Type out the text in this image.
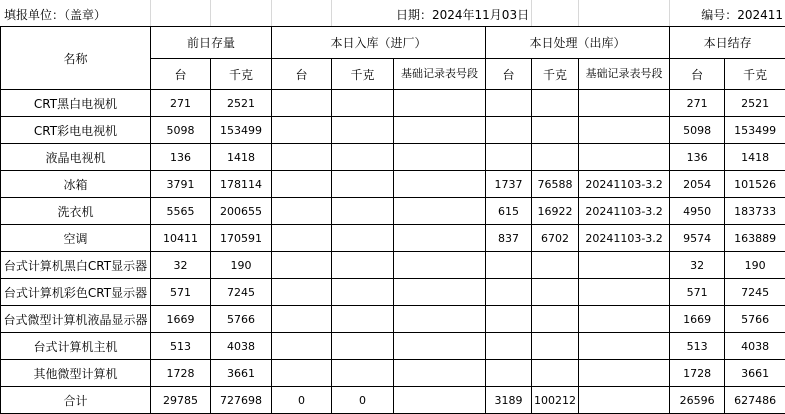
填报单位：（盖章）	日期：2024年11月03日	编号：202411
名称	前日存量		本日入库（进厂）			本日处理（出库）			本日结存	
	台	千克	台	千克	基础记录表号段	台	千克	基础记录表号段	台	千克
CRT黑白电视机	271	2521							271	2521
CRT彩电电视机	5098	153499							5098	153499
液晶电视机	136	1418							136	1418
冰箱	3791	178114				1737	76588	20241103-3.2	2054	101526
洗衣机	5565	200655				615	16922	20241103-3.2	4950	183733
空调	10411	170591				837	6702	20241103-3.2	9574	163889
台式计算机黑白CRT显示器	32	190							32	190
台式计算机彩色CRT显示器	571	7245							571	7245
台式微型计算机液晶显示器	1669	5766							1669	5766
台式计算机主机	513	4038							513	4038
其他微型计算机	1728	3661							1728	3661
合计	29785	727698	0	0		3189	100212		26596	627486
